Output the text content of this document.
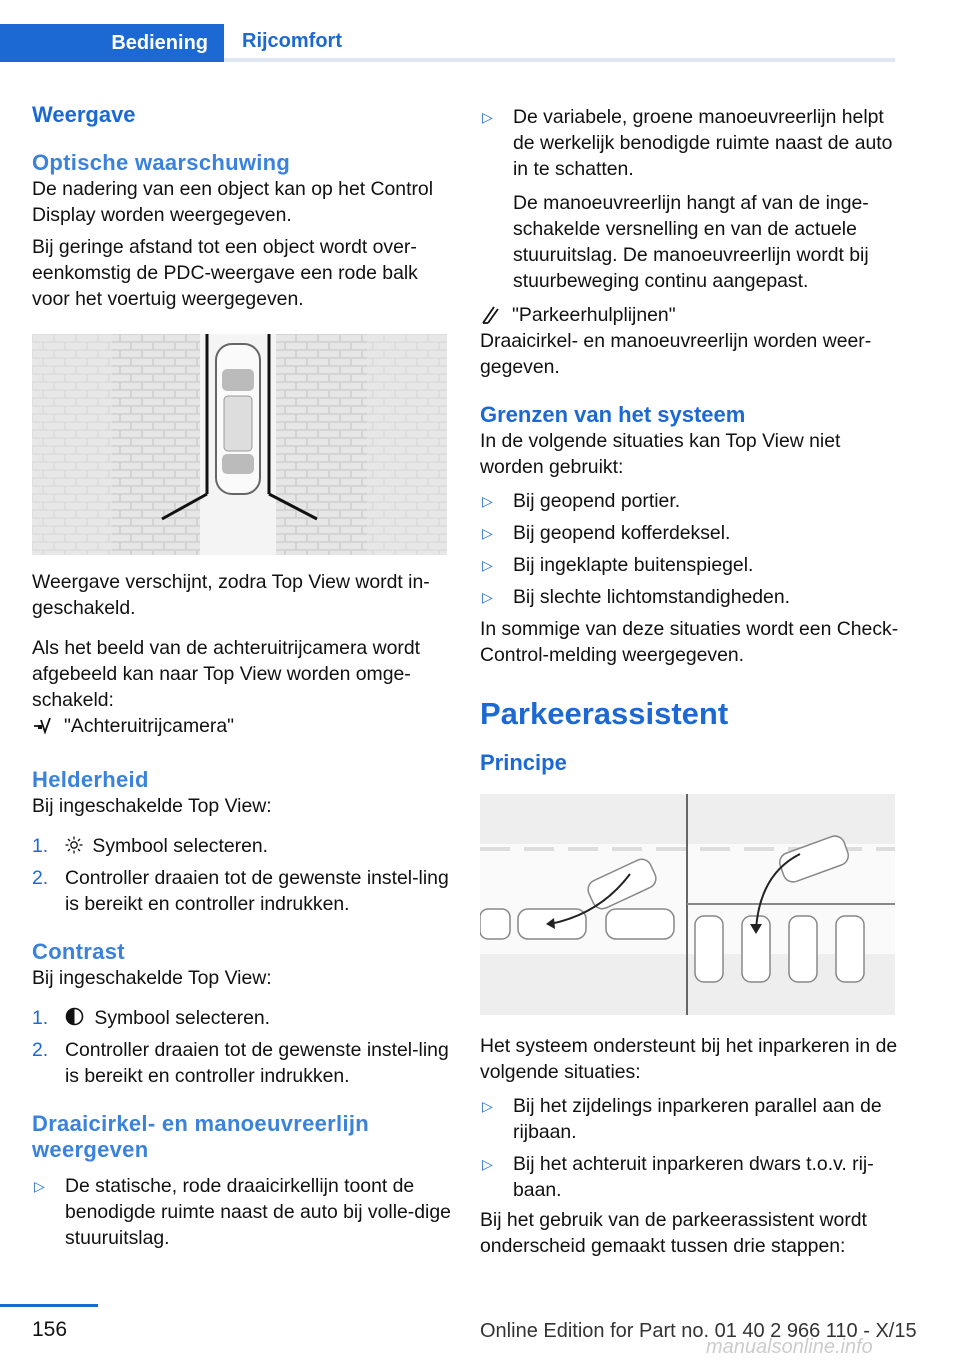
Bediening	Rijcomfort
Weergave
Optische waarschuwing

De nadering van een object kan op het Control Display worden weergegeven.

Bij geringe afstand tot een object wordt over-eenkomstig de PDC-weergave een rode balk voor het voertuig weergegeven.

Weergave verschijnt, zodra Top View wordt in-geschakeld.

Als het beeld van de achteruitrijcamera wordt afgebeeld kan naar Top View worden omge-schakeld:

"Achteruitrijcamera"
Helderheid

Bij ingeschakelde Top View:

1.	Symbool selecteren.
2. Controller draaien tot de gewenste instel-ling is bereikt en controller indrukken.
Contrast

Bij ingeschakelde Top View:

1.	Symbool selecteren.
2. Controller draaien tot de gewenste instel-ling is bereikt en controller indrukken.
Draaicirkel- en manoeuvreerlijn weergeven
▷	De statische, rode draaicirkellijn toont de benodigde ruimte naast de auto bij volle-dige stuuruitslag.
▷	De variabele, groene manoeuvreerlijn helpt de werkelijk benodigde ruimte naast de auto in te schatten.
De manoeuvreerlijn hangt af van de inge-schakelde versnelling en van de actuele stuuruitslag. De manoeuvreerlijn wordt bij stuurbeweging continu aangepast.
"Parkeerhulplijnen"

Draaicirkel- en manoeuvreerlijn worden weer-gegeven.

Grenzen van het systeem

In de volgende situaties kan Top View niet worden gebruikt:

▷	Bij geopend portier.
▷	Bij geopend kofferdeksel.
▷	Bij ingeklapte buitenspiegel.
▷	Bij slechte lichtomstandigheden.

In sommige van deze situaties wordt een Check-Control-melding weergegeven.

Parkeerassistent
Principe

Het systeem ondersteunt bij het inparkeren in de volgende situaties:

▷	Bij het zijdelings inparkeren parallel aan de rijbaan.
▷	Bij het achteruit inparkeren dwars t.o.v. rij-baan.

Bij het gebruik van de parkeerassistent wordt onderscheid gemaakt tussen drie stappen:

156	Online Edition for Part no. 01 40 2 966 110 - X/15
manualsonline.info
